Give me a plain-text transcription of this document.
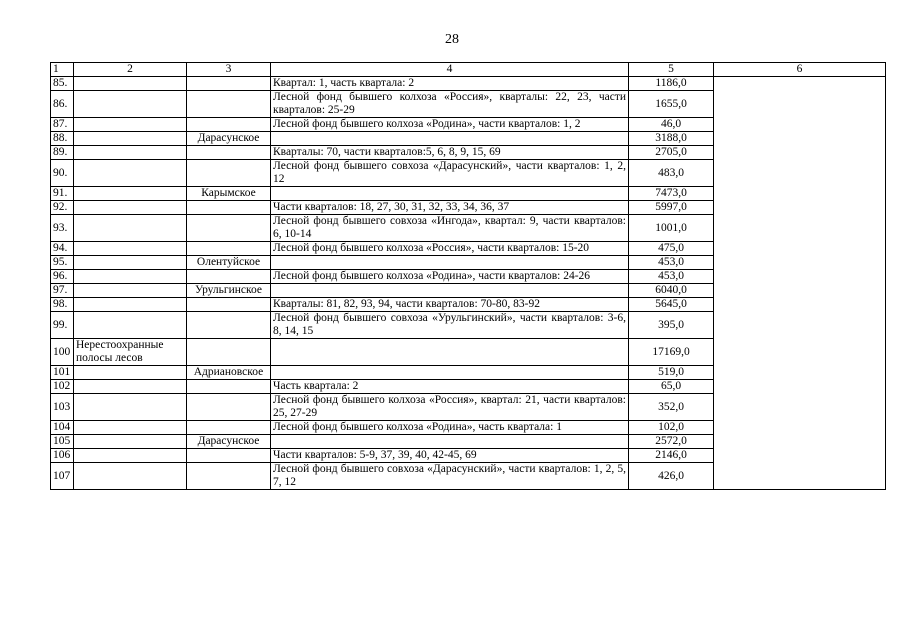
28
1	2	3	4	5	6
85.			Квартал: 1, часть квартала: 2	1186,0	
86.			Лесной фонд бывшего колхоза «Россия», кварталы: 22, 23, части кварталов: 25-29	1655,0	
87.			Лесной фонд бывшего колхоза «Родина», части кварталов: 1, 2	46,0	
88.		Дарасунское		3188,0	
89.			Кварталы: 70, части кварталов:5, 6, 8, 9, 15, 69	2705,0	
90.			Лесной фонд бывшего совхоза «Дарасунский», части кварталов: 1, 2, 12	483,0	
91.		Карымское		7473,0	
92.			Части кварталов: 18, 27, 30, 31, 32, 33, 34, 36, 37	5997,0	
93.			Лесной фонд бывшего совхоза «Ингода», квартал: 9, части кварталов: 6, 10-14	1001,0	
94.			Лесной фонд бывшего колхоза «Россия», части кварталов: 15-20	475,0	
95.		Олентуйское		453,0	
96.			Лесной фонд бывшего колхоза «Родина», части кварталов: 24-26	453,0	
97.		Урульгинское		6040,0	
98.			Кварталы: 81, 82, 93, 94, части кварталов: 70-80, 83-92	5645,0	
99.			Лесной фонд бывшего совхоза «Урульгинский», части кварталов: 3-6, 8, 14, 15	395,0	
100	Нерестоохранные полосы лесов			17169,0	
101		Адриановское		519,0	
102			Часть квартала: 2	65,0	
103			Лесной фонд бывшего колхоза «Россия», квартал: 21, части кварталов: 25, 27-29	352,0	
104			Лесной фонд бывшего колхоза «Родина», часть квартала: 1	102,0	
105		Дарасунское		2572,0	
106			Части кварталов: 5-9, 37, 39, 40, 42-45, 69	2146,0	
107			Лесной фонд бывшего совхоза «Дарасунский», части кварталов: 1, 2, 5, 7, 12	426,0	
